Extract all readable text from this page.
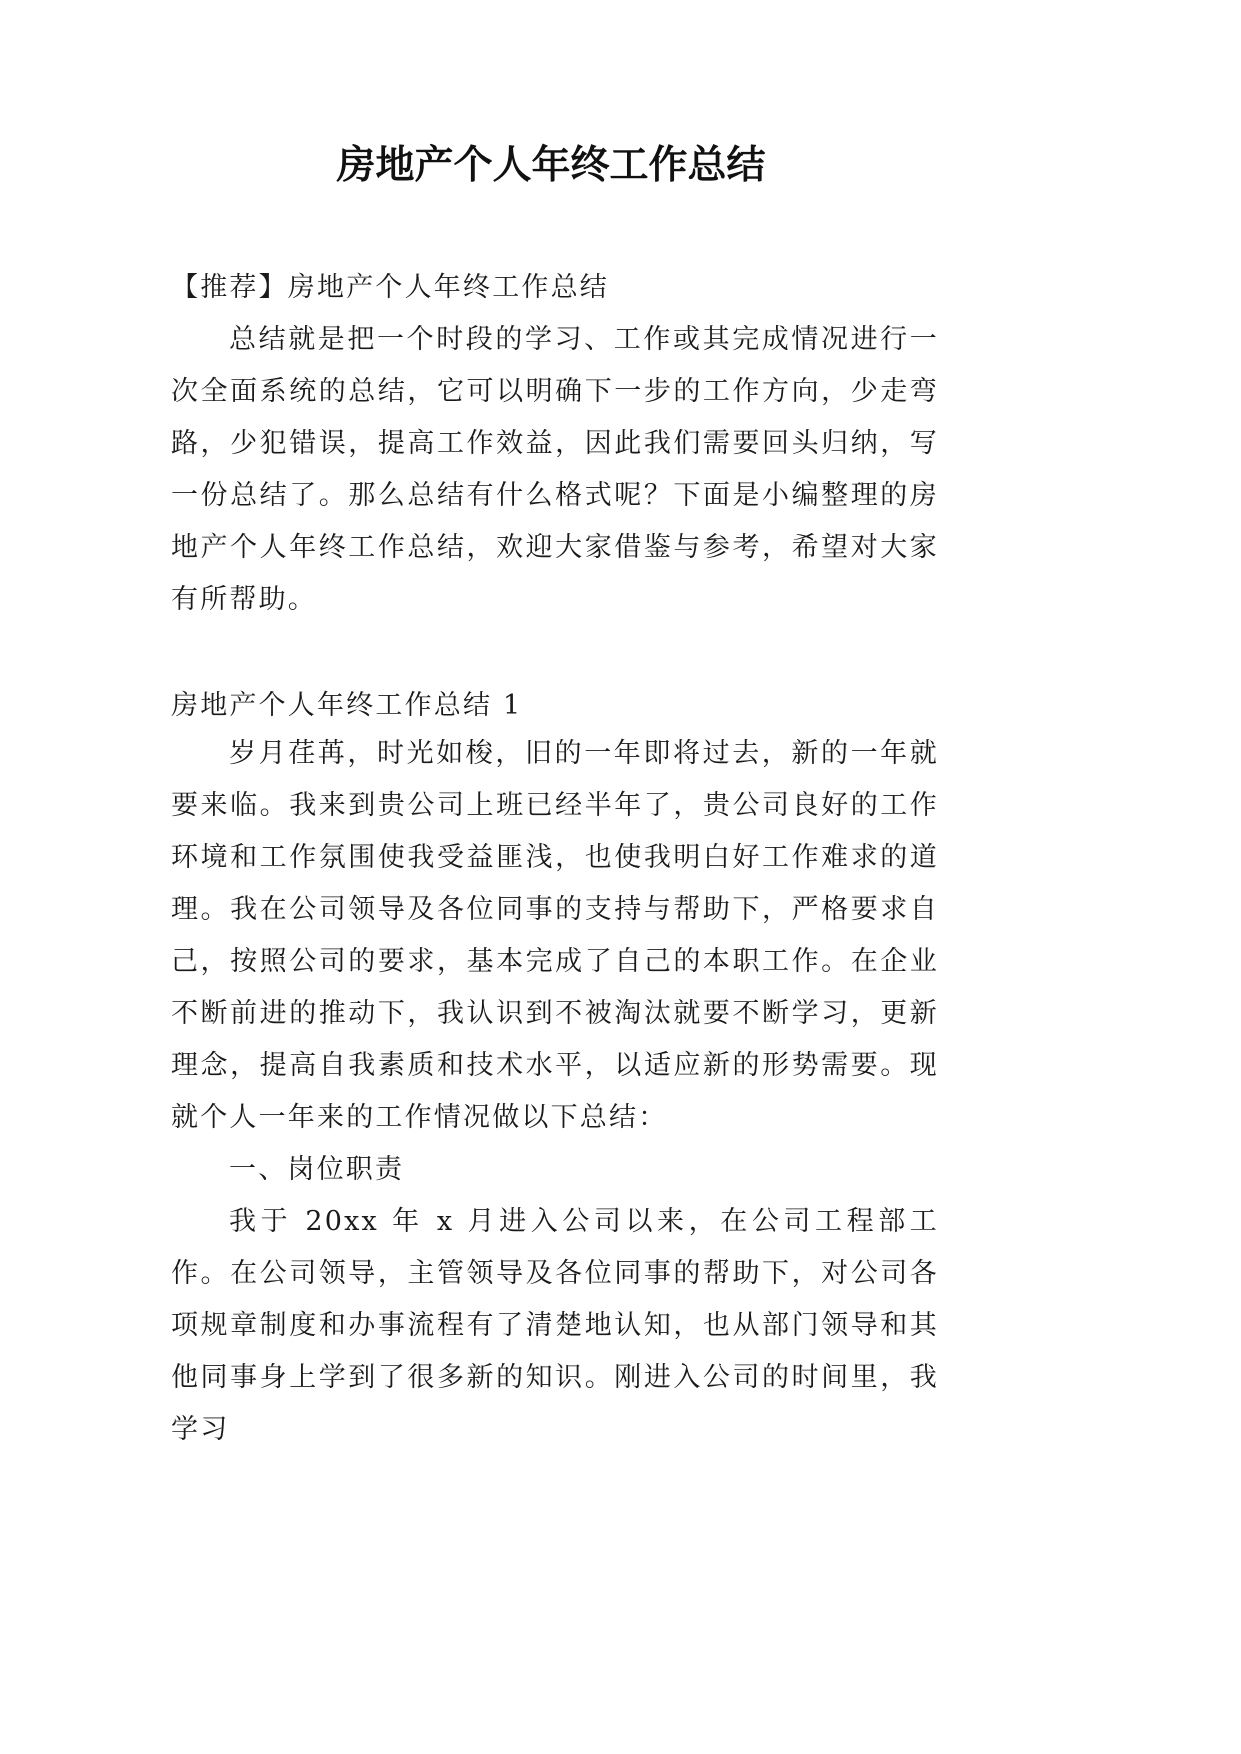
房地产个人年终工作总结

【推荐】房地产个人年终工作总结

总结就是把一个时段的学习、工作或其完成情况进行一次全面系统的总结，它可以明确下一步的工作方向，少走弯路，少犯错误，提高工作效益，因此我们需要回头归纳，写一份总结了。那么总结有什么格式呢？下面是小编整理的房地产个人年终工作总结，欢迎大家借鉴与参考，希望对大家有所帮助。

房地产个人年终工作总结 1

岁月荏苒，时光如梭，旧的一年即将过去，新的一年就要来临。我来到贵公司上班已经半年了，贵公司良好的工作环境和工作氛围使我受益匪浅，也使我明白好工作难求的道理。我在公司领导及各位同事的支持与帮助下，严格要求自己，按照公司的要求，基本完成了自己的本职工作。在企业不断前进的推动下，我认识到不被淘汰就要不断学习，更新理念，提高自我素质和技术水平，以适应新的形势需要。现就个人一年来的工作情况做以下总结：

一、岗位职责

我于 20xx 年 x 月进入公司以来，在公司工程部工作。在公司领导，主管领导及各位同事的帮助下，对公司各项规章制度和办事流程有了清楚地认知，也从部门领导和其他同事身上学到了很多新的知识。刚进入公司的时间里，我学习
